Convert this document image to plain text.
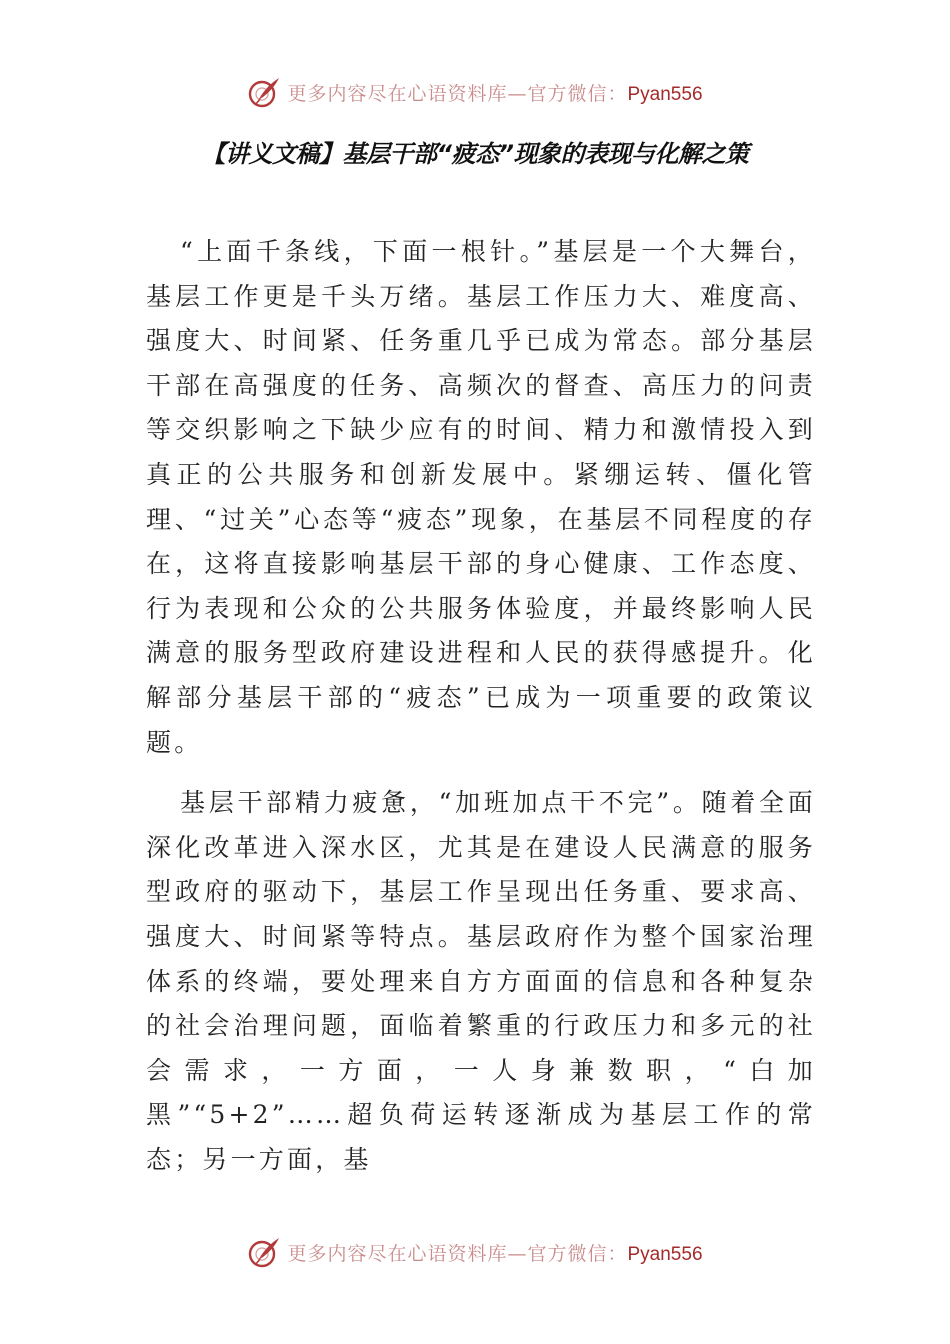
更多内容尽在心语资料库—官方微信：Pyan556
【讲义文稿】基层干部“疲态”现象的表现与化解之策

“上面千条线，下面一根针。”基层是一个大舞台，基层工作更是千头万绪。基层工作压力大、难度高、强度大、时间紧、任务重几乎已成为常态。部分基层干部在高强度的任务、高频次的督查、高压力的问责等交织影响之下缺少应有的时间、精力和激情投入到真正的公共服务和创新发展中。紧绷运转、僵化管理、“过关”心态等“疲态”现象，在基层不同程度的存在，这将直接影响基层干部的身心健康、工作态度、行为表现和公众的公共服务体验度，并最终影响人民满意的服务型政府建设进程和人民的获得感提升。化解部分基层干部的“疲态”已成为一项重要的政策议题。

基层干部精力疲惫，“加班加点干不完”。随着全面深化改革进入深水区，尤其是在建设人民满意的服务型政府的驱动下，基层工作呈现出任务重、要求高、强度大、时间紧等特点。基层政府作为整个国家治理体系的终端，要处理来自方方面面的信息和各种复杂的社会治理问题，面临着繁重的行政压力和多元的社会需求，一方面，一人身兼数职，“白加黑”“5+2”……超负荷运转逐渐成为基层工作的常态；另一方面，基

更多内容尽在心语资料库—官方微信：Pyan556
